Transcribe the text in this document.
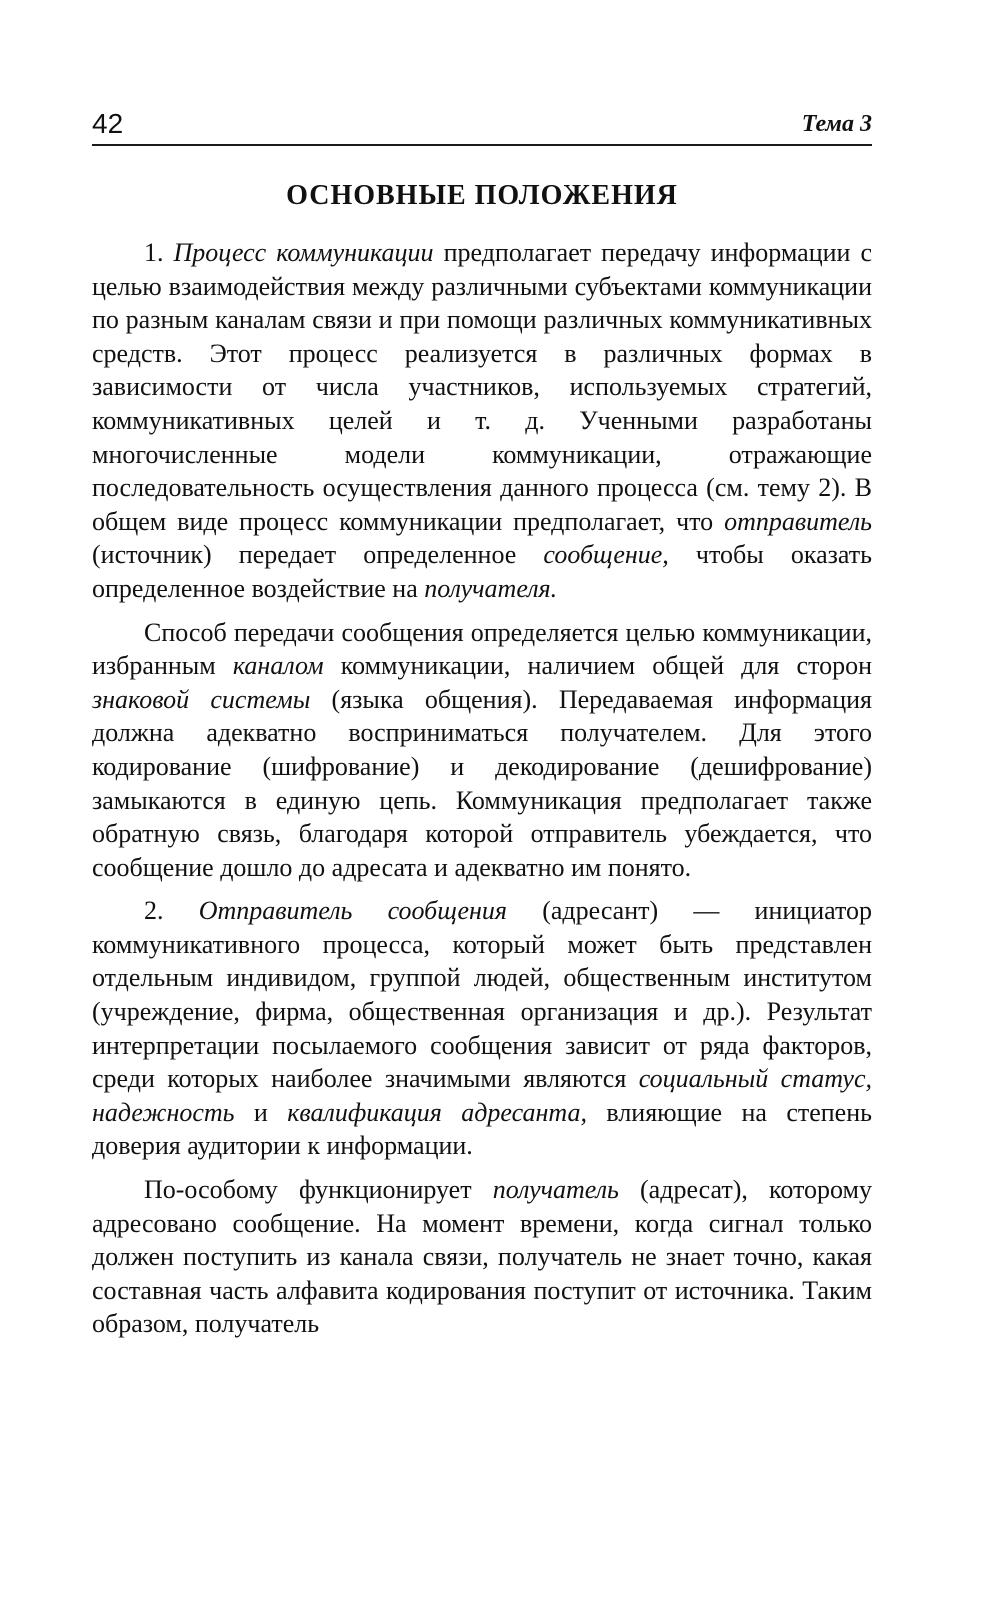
42	Тема 3
ОСНОВНЫЕ ПОЛОЖЕНИЯ

1. Процесс коммуникации предполагает передачу информации с целью взаимодействия между различными субъектами коммуникации по разным каналам связи и при помощи различных коммуникативных средств. Этот процесс реализуется в различных формах в зависимости от числа участников, используемых стратегий, коммуникативных целей и т. д. Ученными разработаны многочисленные модели коммуникации, отражающие последовательность осуществления данного процесса (см. тему 2). В общем виде процесс коммуникации предполагает, что отправитель (источник) передает определенное сообщение, чтобы оказать определенное воздействие на получателя.

Способ передачи сообщения определяется целью коммуникации, избранным каналом коммуникации, наличием общей для сторон знаковой системы (языка общения). Передаваемая информация должна адекватно восприниматься получателем. Для этого кодирование (шифрование) и декодирование (дешифрование) замыкаются в единую цепь. Коммуникация предполагает также обратную связь, благодаря которой отправитель убеждается, что сообщение дошло до адресата и адекватно им понято.

2. Отправитель сообщения (адресант) — инициатор коммуникативного процесса, который может быть представлен отдельным индивидом, группой людей, общественным институтом (учреждение, фирма, общественная организация и др.). Результат интерпретации посылаемого сообщения зависит от ряда факторов, среди которых наиболее значимыми являются социальный статус, надежность и квалификация адресанта, влияющие на степень доверия аудитории к информации.

По-особому функционирует получатель (адресат), которому адресовано сообщение. На момент времени, когда сигнал только должен поступить из канала связи, получатель не знает точно, какая составная часть алфавита кодирования поступит от источника. Таким образом, получатель
